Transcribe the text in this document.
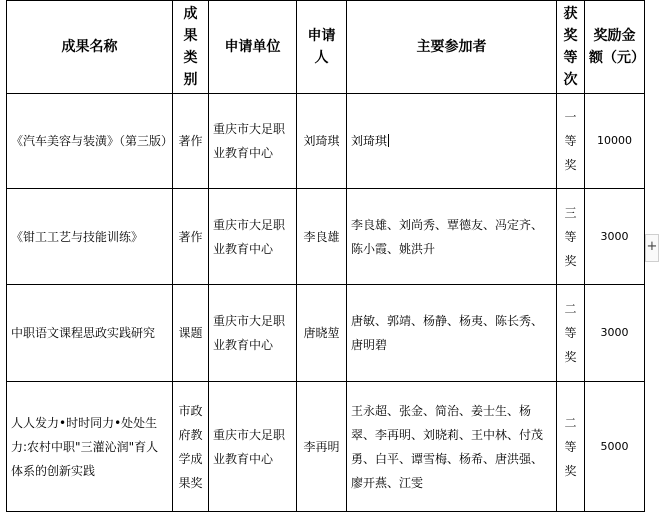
成果名称	成果类别	申请单位	申请人	主要参加者	获奖等次	奖励金额（元）
《汽车美容与装潢》（第三版）	著作	重庆市大足职业教育中心	刘琦琪	刘琦琪	一等奖	10000
《钳工工艺与技能训练》	著作	重庆市大足职业教育中心	李良雄	李良雄、刘尚秀、覃德友、冯定齐、陈小霞、姚洪升	三等奖	3000
中职语文课程思政实践研究	课题	重庆市大足职业教育中心	唐晓堃	唐敏、郭靖、杨静、杨夷、陈长秀、唐明碧	二等奖	3000
人人发力•时时同力•处处生力:农村中职"三灌沁润"育人体系的创新实践	市政府教学成果奖	重庆市大足职业教育中心	李再明	王永超、张金、简治、姜士生、杨翠、李再明、刘晓莉、王中林、付茂勇、白平、谭雪梅、杨希、唐洪强、廖开燕、江雯	二等奖	5000
+
